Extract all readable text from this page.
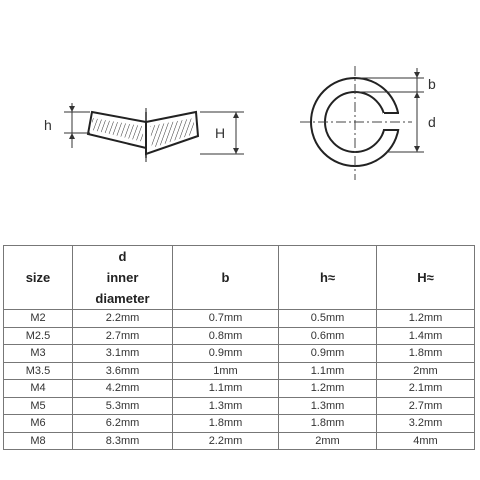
h	H
b
d
size	d
inner
diameter	b	h≈	H≈
M2	2.2mm	0.7mm	0.5mm	1.2mm
M2.5	2.7mm	0.8mm	0.6mm	1.4mm
M3	3.1mm	0.9mm	0.9mm	1.8mm
M3.5	3.6mm	1mm	1.1mm	2mm
M4	4.2mm	1.1mm	1.2mm	2.1mm
M5	5.3mm	1.3mm	1.3mm	2.7mm
M6	6.2mm	1.8mm	1.8mm	3.2mm
M8	8.3mm	2.2mm	2mm	4mm
